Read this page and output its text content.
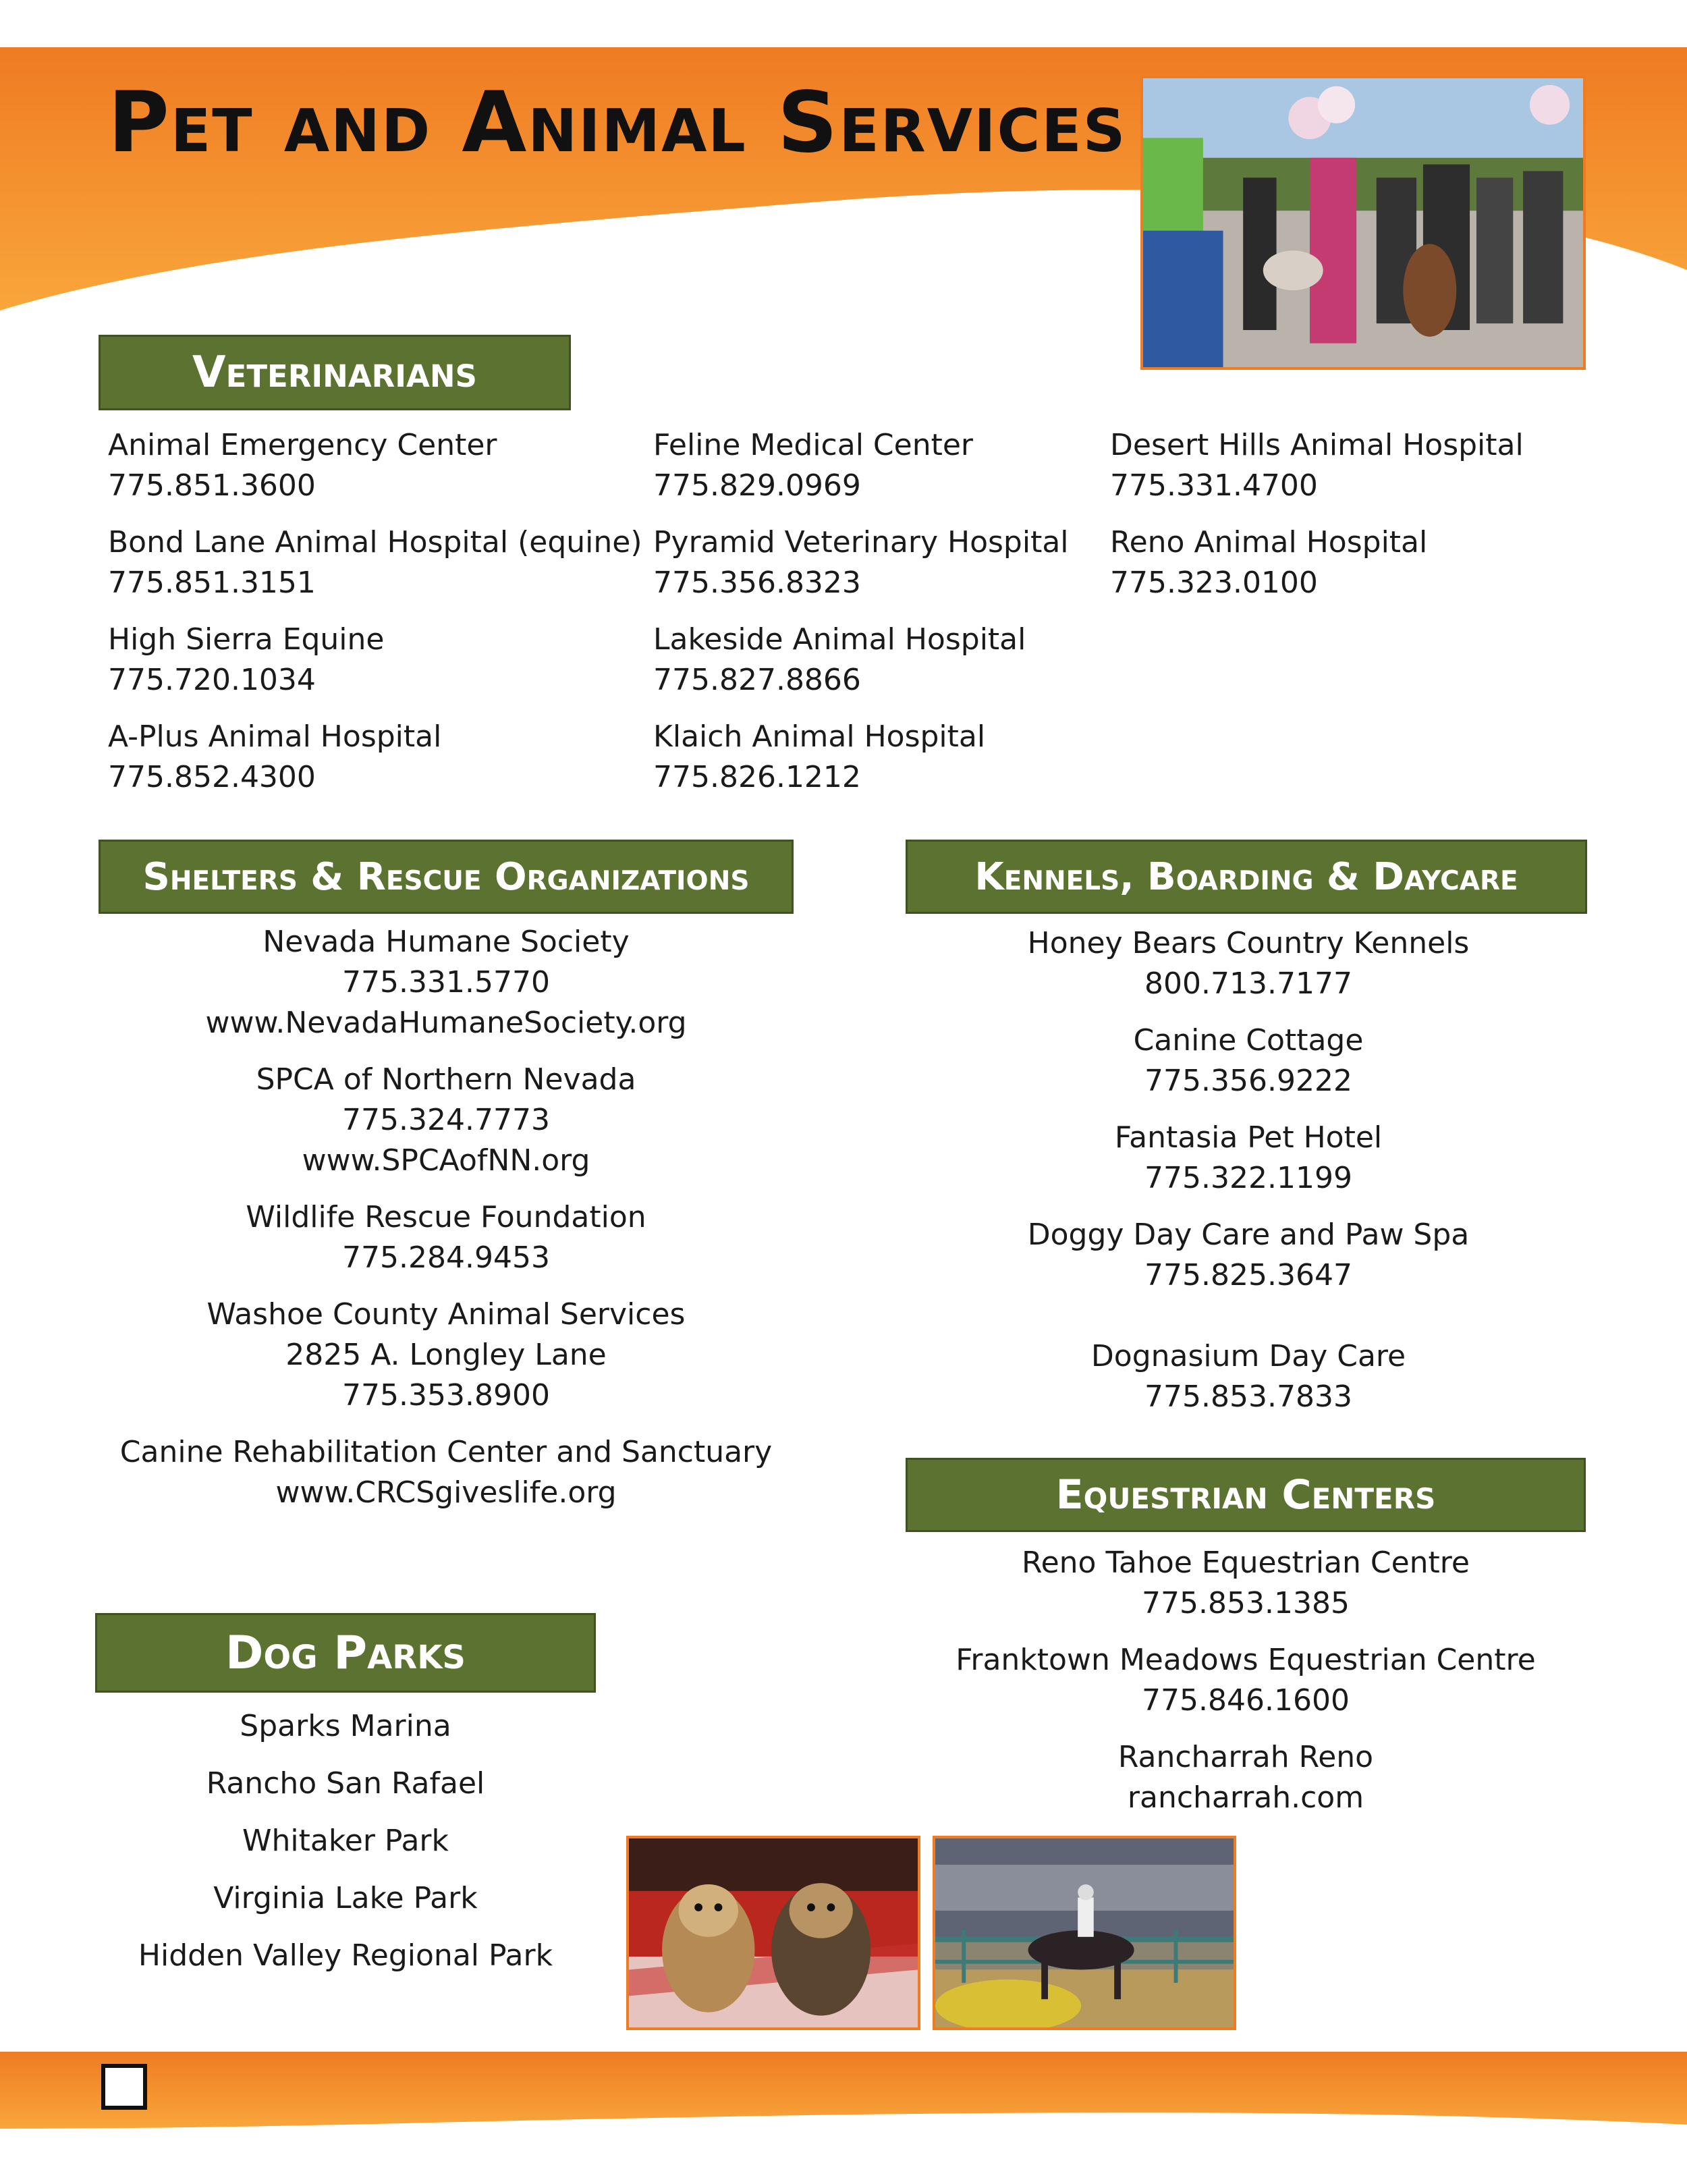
Pet and Animal Services
Veterinarians
Animal Emergency Center
775.851.3600
Bond Lane Animal Hospital (equine)
775.851.3151
High Sierra Equine
775.720.1034
A-Plus Animal Hospital
775.852.4300
Feline Medical Center
775.829.0969
Pyramid Veterinary Hospital
775.356.8323
Lakeside Animal Hospital
775.827.8866
Klaich Animal Hospital
775.826.1212
Desert Hills Animal Hospital
775.331.4700
Reno Animal Hospital
775.323.0100
Shelters & Rescue Organizations
Nevada Humane Society
775.331.5770
www.NevadaHumaneSociety.org
SPCA of Northern Nevada
775.324.7773
www.SPCAofNN.org
Wildlife Rescue Foundation
775.284.9453
Washoe County Animal Services
2825 A. Longley Lane
775.353.8900
Canine Rehabilitation Center and Sanctuary
www.CRCSgiveslife.org
Kennels, Boarding & Daycare
Honey Bears Country Kennels
800.713.7177
Canine Cottage
775.356.9222
Fantasia Pet Hotel
775.322.1199
Doggy Day Care and Paw Spa
775.825.3647
Dognasium Day Care
775.853.7833
Equestrian Centers
Reno Tahoe Equestrian Centre
775.853.1385
Franktown Meadows Equestrian Centre
775.846.1600
Rancharrah Reno
rancharrah.com
Dog Parks
Sparks Marina
Rancho San Rafael
Whitaker Park
Virginia Lake Park
Hidden Valley Regional Park
